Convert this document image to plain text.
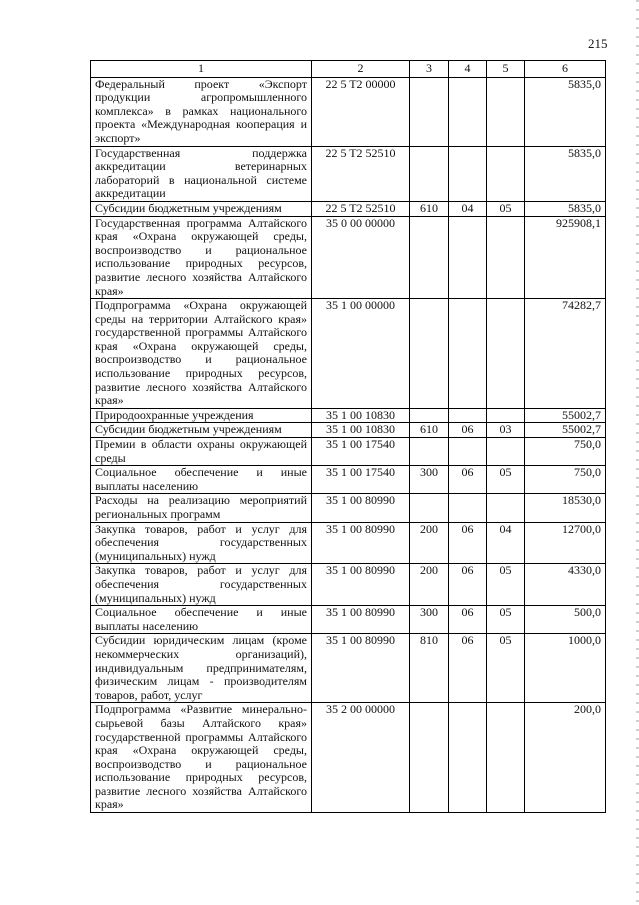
215
1	2	3	4	5	6
Федеральный проект «Экспорт продукции агропромышленного комплекса» в рамках национального проекта «Международная кооперация и экспорт»	22 5 T2 00000				5835,0
Государственная поддержка аккредитации ветеринарных лабораторий в национальной системе аккредитации	22 5 T2 52510				5835,0
Субсидии бюджетным учреждениям	22 5 T2 52510	610	04	05	5835,0
Государственная программа Алтайского края «Охрана окружающей среды, воспроизводство и рациональное использование природных ресурсов, развитие лесного хозяйства Алтайского края»	35 0 00 00000				925908,1
Подпрограмма «Охрана окружающей среды на территории Алтайского края» государственной программы Алтайского края «Охрана окружающей среды, воспроизводство и рациональное использование природных ресурсов, развитие лесного хозяйства Алтайского края»	35 1 00 00000				74282,7
Природоохранные учреждения	35 1 00 10830				55002,7
Субсидии бюджетным учреждениям	35 1 00 10830	610	06	03	55002,7
Премии в области охраны окружающей среды	35 1 00 17540				750,0
Социальное обеспечение и иные выплаты населению	35 1 00 17540	300	06	05	750,0
Расходы на реализацию мероприятий региональных программ	35 1 00 80990				18530,0
Закупка товаров, работ и услуг для обеспечения государственных (муниципальных) нужд	35 1 00 80990	200	06	04	12700,0
Закупка товаров, работ и услуг для обеспечения государственных (муниципальных) нужд	35 1 00 80990	200	06	05	4330,0
Социальное обеспечение и иные выплаты населению	35 1 00 80990	300	06	05	500,0
Субсидии юридическим лицам (кроме некоммерческих организаций), индивидуальным предпринимателям, физическим лицам - производителям товаров, работ, услуг	35 1 00 80990	810	06	05	1000,0
Подпрограмма «Развитие минерально-сырьевой базы Алтайского края» государственной программы Алтайского края «Охрана окружающей среды, воспроизводство и рациональное использование природных ресурсов, развитие лесного хозяйства Алтайского края»	35 2 00 00000				200,0
